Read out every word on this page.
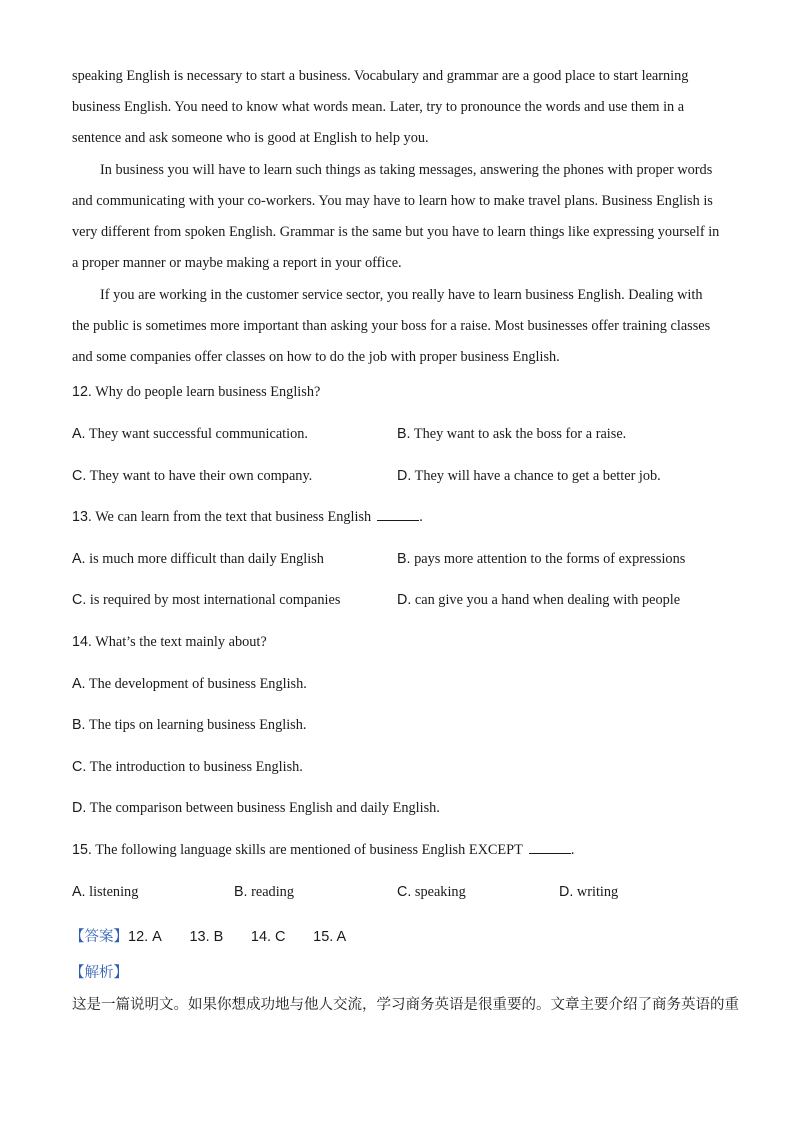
speaking English is necessary to start a business. Vocabulary and grammar are a good place to start learning business English. You need to know what words mean. Later, try to pronounce the words and use them in a sentence and ask someone who is good at English to help you.

In business you will have to learn such things as taking messages, answering the phones with proper words and communicating with your co-workers. You may have to learn how to make travel plans. Business English is very different from spoken English. Grammar is the same but you have to learn things like expressing yourself in a proper manner or maybe making a report in your office.

If you are working in the customer service sector, you really have to learn business English. Dealing with the public is sometimes more important than asking your boss for a raise. Most businesses offer training classes and some companies offer classes on how to do the job with proper business English.

12. Why do people learn business English?
A. They want successful communication.	B. They want to ask the boss for a raise.
C. They want to have their own company.	D. They will have a chance to get a better job.
13. We can learn from the text that business English	.
A. is much more difficult than daily English	B. pays more attention to the forms of expressions
C. is required by most international companies	D. can give you a hand when dealing with people
14. What’s the text mainly about?
A. The development of business English.
B. The tips on learning business English.
C. The introduction to business English.
D. The comparison between business English and daily English.
15. The following language skills are mentioned of business English EXCEPT	.
A. listening	B. reading	C. speaking	D. writing
【答案】12. A 13. B 14. C 15. A
【解析】
这是一篇说明文。如果你想成功地与他人交流，学习商务英语是很重要的。文章主要介绍了商务英语的重
